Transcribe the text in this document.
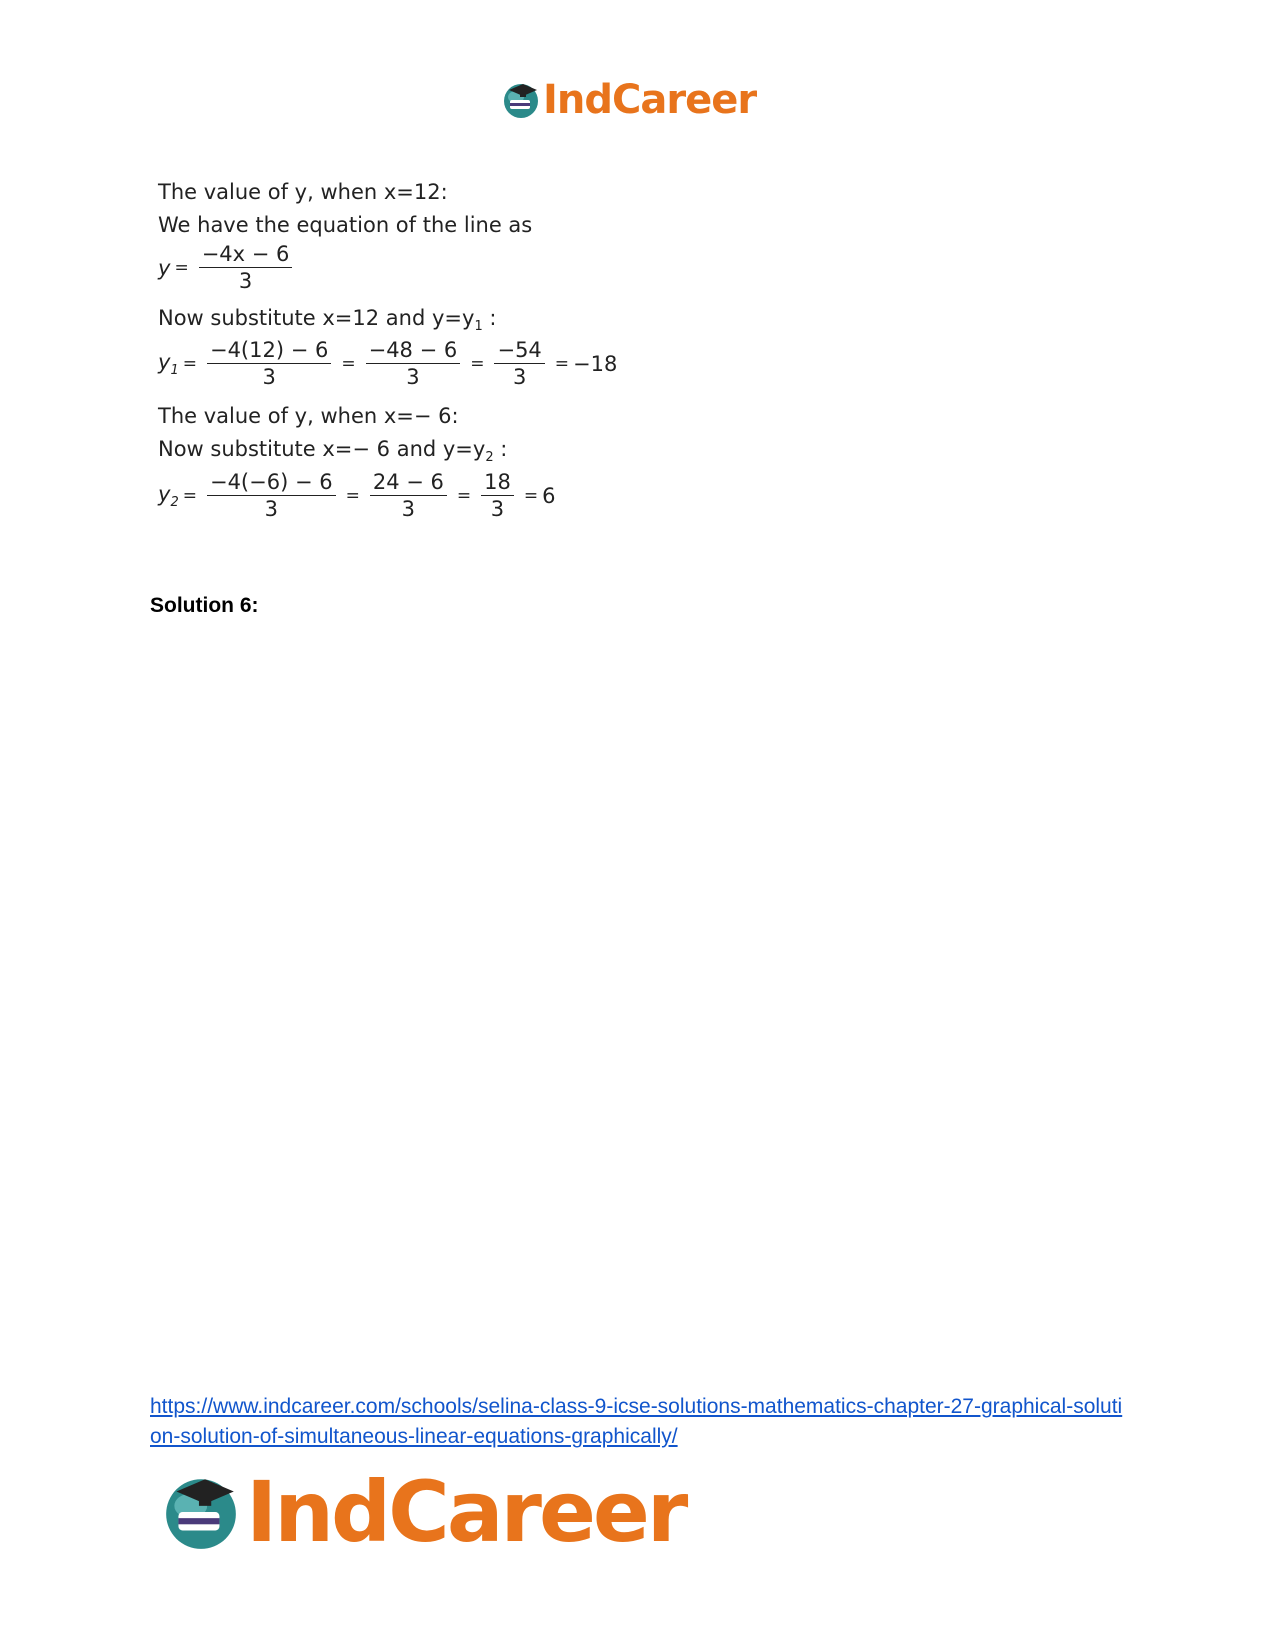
IndCareer
The value of y, when x=12:
We have the equation of the line as
$y = \frac{-4x - 6}{3}$
Now substitute x=12 and $y=y_1$ :
$y_1 = \frac{-4(12) - 6}{3} = \frac{-48 - 6}{3} = \frac{-54}{3} = -18$
The value of y, when x=− 6:
Now substitute x=− 6 and $y=y_2$ :
$y_2 = \frac{-4(-6) - 6}{3} = \frac{24 - 6}{3} = \frac{18}{3} = 6$
Solution 6:
https://www.indcareer.com/schools/selina-class-9-icse-solutions-mathematics-chapter-27-graphical-solution-solution-of-simultaneous-linear-equations-graphically/
IndCareer
